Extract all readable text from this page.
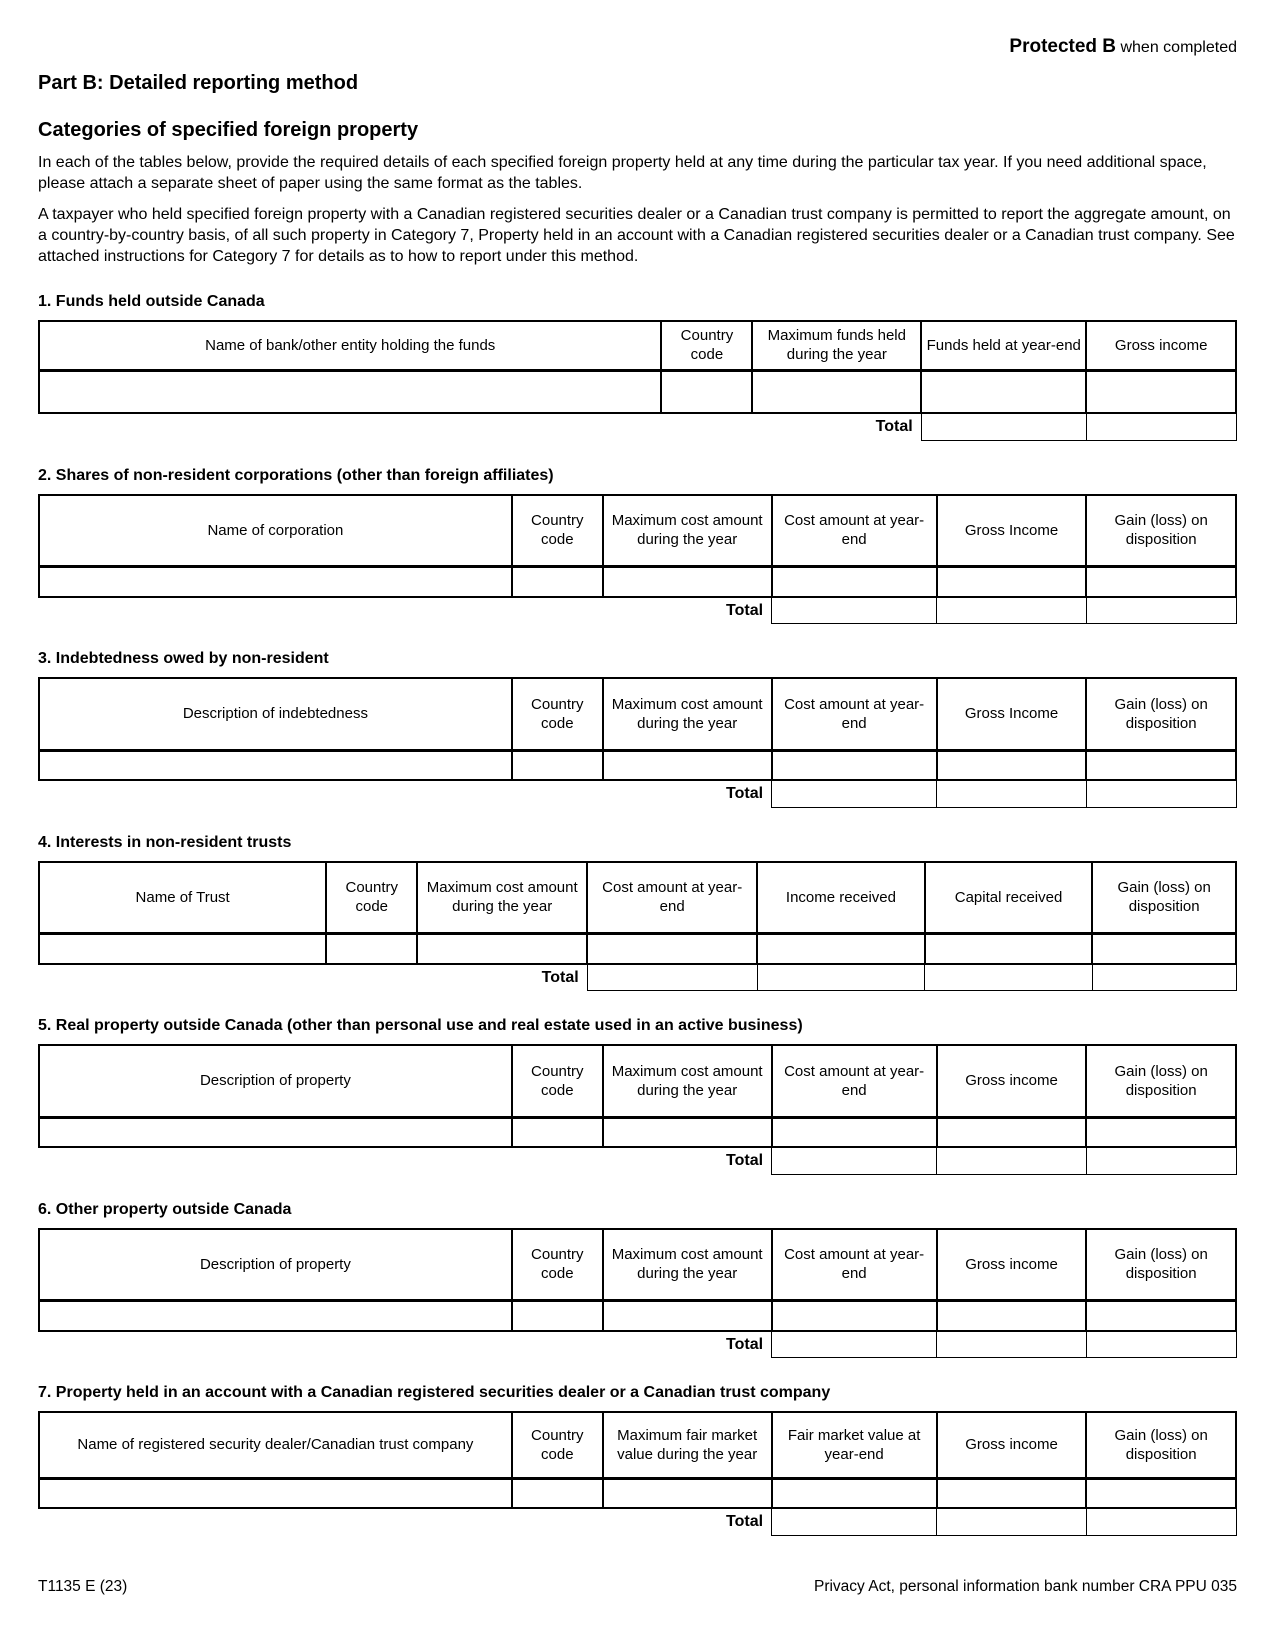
Protected B when completed
Part B: Detailed reporting method
Categories of specified foreign property

In each of the tables below, provide the required details of each specified foreign property held at any time during the particular tax year. If you need additional space, please attach a separate sheet of paper using the same format as the tables.

A taxpayer who held specified foreign property with a Canadian registered securities dealer or a Canadian trust company is permitted to report the aggregate amount, on a country-by-country basis, of all such property in Category 7, Property held in an account with a Canadian registered securities dealer or a Canadian trust company. See attached instructions for Category 7 for details as to how to report under this method.

1. Funds held outside Canada
Name of bank/other entity holding the funds	Country code	Maximum funds held during the year	Funds held at year-end	Gross income

Total				
2. Shares of non-resident corporations (other than foreign affiliates)
Name of corporation	Country code	Maximum cost amount during the year	Cost amount at year-end	Gross Income	Gain (loss) on disposition

Total					
3. Indebtedness owed by non-resident
Description of indebtedness	Country code	Maximum cost amount during the year	Cost amount at year-end	Gross Income	Gain (loss) on disposition

Total					
4. Interests in non-resident trusts
Name of Trust	Country code	Maximum cost amount during the year	Cost amount at year-end	Income received	Capital received	Gain (loss) on disposition

Total						
5. Real property outside Canada (other than personal use and real estate used in an active business)
Description of property	Country code	Maximum cost amount during the year	Cost amount at year-end	Gross income	Gain (loss) on disposition

Total					
6. Other property outside Canada
Description of property	Country code	Maximum cost amount during the year	Cost amount at year-end	Gross income	Gain (loss) on disposition

Total					
7. Property held in an account with a Canadian registered securities dealer or a Canadian trust company
Name of registered security dealer/Canadian trust company	Country code	Maximum fair market value during the year	Fair market value at year-end	Gross income	Gain (loss) on disposition

Total					
T1135 E (23)	Privacy Act, personal information bank number CRA PPU 035
